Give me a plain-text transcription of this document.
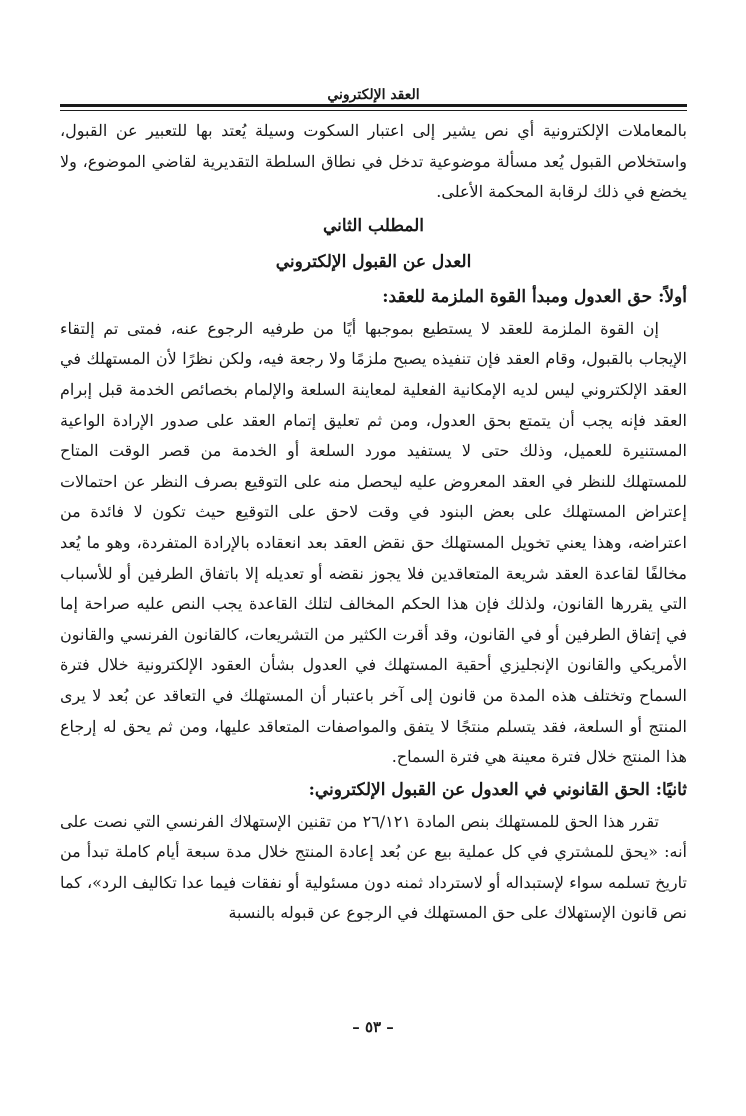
العقد الإلكتروني

بالمعاملات الإلكترونية أي نص يشير إلى اعتبار السكوت وسيلة يُعتد بها للتعبير عن القبول، واستخلاص القبول يُعد مسألة موضوعية تدخل في نطاق السلطة التقديرية لقاضي الموضوع، ولا يخضع في ذلك لرقابة المحكمة الأعلى.

المطلب الثاني

العدل عن القبول الإلكتروني

أولاً: حق العدول ومبدأ القوة الملزمة للعقد:

إن القوة الملزمة للعقد لا يستطيع بموجبها أيًا من طرفيه الرجوع عنه، فمتى تم إلتقاء الإيجاب بالقبول، وقام العقد فإن تنفيذه يصبح ملزمًا ولا رجعة فيه، ولكن نظرًا لأن المستهلك في العقد الإلكتروني ليس لديه الإمكانية الفعلية لمعاينة السلعة والإلمام بخصائص الخدمة قبل إبرام العقد فإنه يجب أن يتمتع بحق العدول، ومن ثم تعليق إتمام العقد على صدور الإرادة الواعية المستنيرة للعميل، وذلك حتى لا يستفيد مورد السلعة أو الخدمة من قصر الوقت المتاح للمستهلك للنظر في العقد المعروض عليه ليحصل منه على التوقيع بصرف النظر عن احتمالات إعتراض المستهلك على بعض البنود في وقت لاحق على التوقيع حيث تكون لا فائدة من اعتراضه، وهذا يعني تخويل المستهلك حق نقض العقد بعد انعقاده بالإرادة المتفردة، وهو ما يُعد مخالفًا لقاعدة العقد شريعة المتعاقدين فلا يجوز نقضه أو تعديله إلا باتفاق الطرفين أو للأسباب التي يقررها القانون، ولذلك فإن هذا الحكم المخالف لتلك القاعدة يجب النص عليه صراحة إما في إتفاق الطرفين أو في القانون، وقد أقرت الكثير من التشريعات، كالقانون الفرنسي والقانون الأمريكي والقانون الإنجليزي أحقية المستهلك في العدول بشأن العقود الإلكترونية خلال فترة السماح وتختلف هذه المدة من قانون إلى آخر باعتبار أن المستهلك في التعاقد عن بُعد لا يرى المنتج أو السلعة، فقد يتسلم منتجًا لا يتفق والمواصفات المتعاقد عليها، ومن ثم يحق له إرجاع هذا المنتج خلال فترة معينة هي فترة السماح.

ثانيًا: الحق القانوني في العدول عن القبول الإلكتروني:

تقرر هذا الحق للمستهلك بنص المادة ٢٦/١٢١ من تقنين الإستهلاك الفرنسي التي نصت على أنه: «يحق للمشتري في كل عملية بيع عن بُعد إعادة المنتج خلال مدة سبعة أيام كاملة تبدأ من تاريخ تسلمه سواء لإستبداله أو لاسترداد ثمنه دون مسئولية أو نفقات فيما عدا تكاليف الرد»، كما نص قانون الإستهلاك على حق المستهلك في الرجوع عن قبوله بالنسبة

– ٥٣ –
